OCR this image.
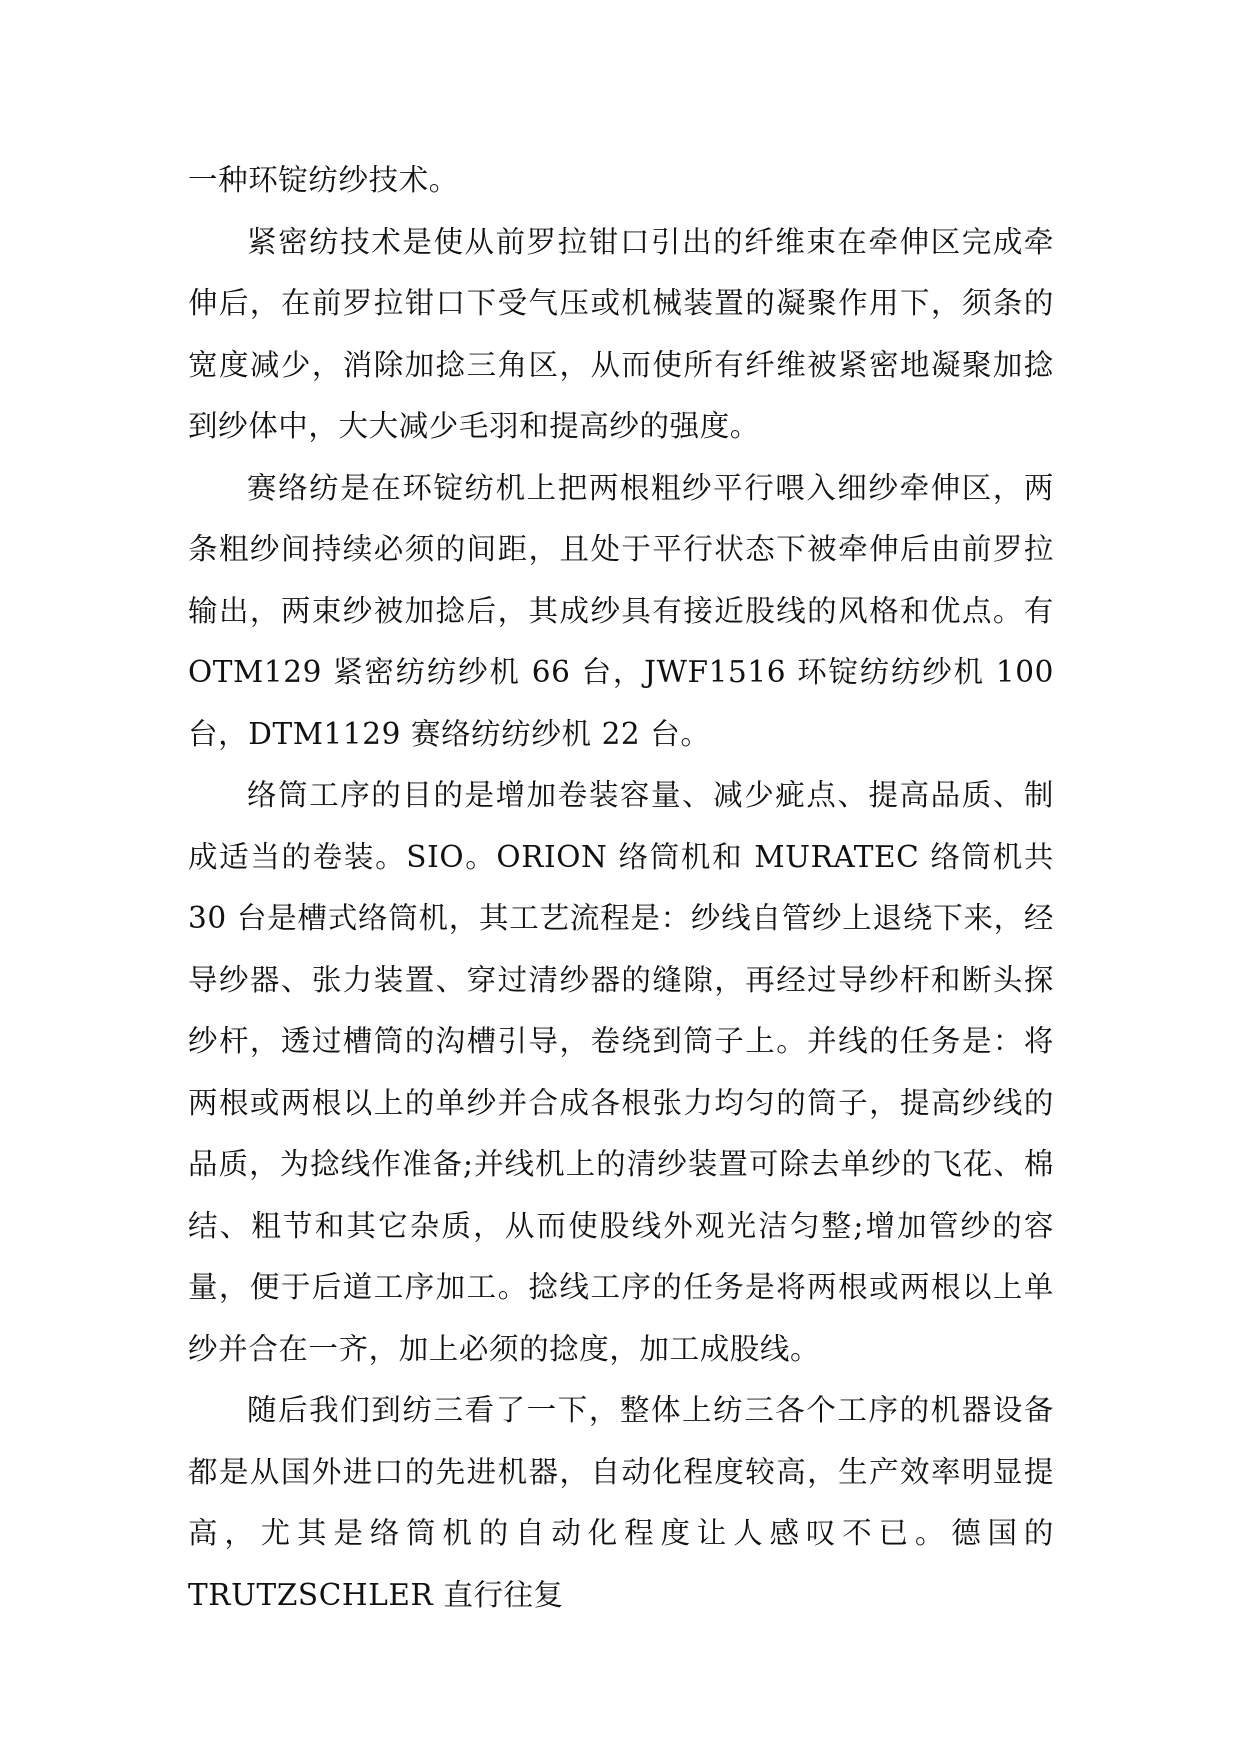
一种环锭纺纱技术。

紧密纺技术是使从前罗拉钳口引出的纤维束在牵伸区完成牵伸后，在前罗拉钳口下受气压或机械装置的凝聚作用下，须条的宽度减少，消除加捻三角区，从而使所有纤维被紧密地凝聚加捻到纱体中，大大减少毛羽和提高纱的强度。

赛络纺是在环锭纺机上把两根粗纱平行喂入细纱牵伸区，两条粗纱间持续必须的间距，且处于平行状态下被牵伸后由前罗拉输出，两束纱被加捻后，其成纱具有接近股线的风格和优点。有 OTM129 紧密纺纺纱机 66 台，JWF1516 环锭纺纺纱机 100 台，DTM1129 赛络纺纺纱机 22 台。

络筒工序的目的是增加卷装容量、减少疵点、提高品质、制成适当的卷装。SIO。ORION 络筒机和 MURATEC 络筒机共 30 台是槽式络筒机，其工艺流程是：纱线自管纱上退绕下来，经导纱器、张力装置、穿过清纱器的缝隙，再经过导纱杆和断头探纱杆，透过槽筒的沟槽引导，卷绕到筒子上。并线的任务是：将两根或两根以上的单纱并合成各根张力均匀的筒子，提高纱线的品质，为捻线作准备;并线机上的清纱装置可除去单纱的飞花、棉结、粗节和其它杂质，从而使股线外观光洁匀整;增加管纱的容量，便于后道工序加工。捻线工序的任务是将两根或两根以上单纱并合在一齐，加上必须的捻度，加工成股线。

随后我们到纺三看了一下，整体上纺三各个工序的机器设备都是从国外进口的先进机器，自动化程度较高，生产效率明显提高，尤其是络筒机的自动化程度让人感叹不已。德国的 TRUTZSCHLER 直行往复
